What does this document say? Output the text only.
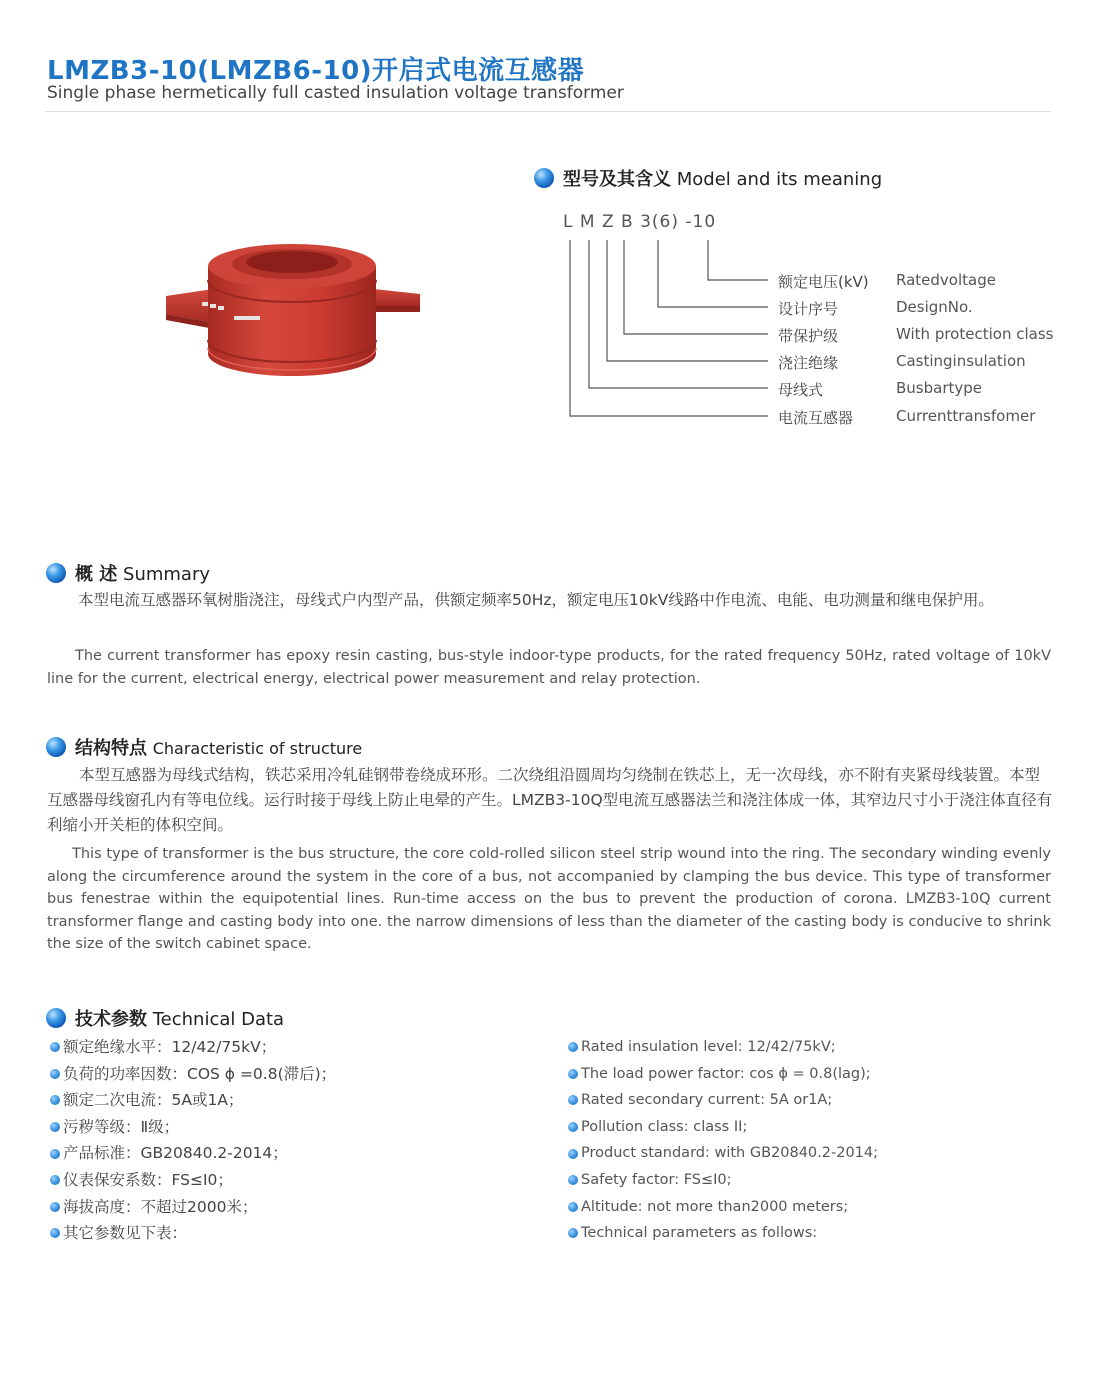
LMZB3-10(LMZB6-10)开启式电流互感器
Single phase hermetically full casted insulation voltage transformer
型号及其含义 Model and its meaning
L M Z B 3(6) -10
额定电压(kV) Ratedvoltage
设计序号	DesignNo.
带保护级	With protection class
浇注绝缘	Castinginsulation
母线式	Busbartype
电流互感器	Currenttransfomer
概 述 Summary
本型电流互感器环氧树脂浇注，母线式户内型产品，供额定频率50Hz，额定电压10kV线路中作电流、电能、电功测量和继电保护用。
The current transformer has epoxy resin casting, bus-style indoor-type products, for the rated frequency 50Hz, rated voltage of 10kV line for the current, electrical energy, electrical power measurement and relay protection.
结构特点 Characteristic of structure
本型互感器为母线式结构，铁芯采用冷轧硅钢带卷绕成环形。二次绕组沿圆周均匀绕制在铁芯上，无一次母线，亦不附有夹紧母线装置。本型互感器母线窗孔内有等电位线。运行时接于母线上防止电晕的产生。LMZB3-10Q型电流互感器法兰和浇注体成一体，其窄边尺寸小于浇注体直径有利缩小开关柜的体积空间。
This type of transformer is the bus structure, the core cold-rolled silicon steel strip wound into the ring. The secondary winding evenly along the circumference around the system in the core of a bus, not accompanied by clamping the bus device. This type of transformer bus fenestrae within the equipotential lines. Run-time access on the bus to prevent the production of corona. LMZB3-10Q current transformer flange and casting body into one. the narrow dimensions of less than the diameter of the casting body is conducive to shrink the size of the switch cabinet space.
技术参数 Technical Data
额定绝缘水平：12/42/75kV；
负荷的功率因数：COS ϕ =0.8(滞后)；
额定二次电流：5A或1A；
污秽等级：Ⅱ级；
产品标准：GB20840.2-2014；
仪表保安系数：FS≤I0；
海拔高度：不超过2000米；
其它参数见下表：
Rated insulation level: 12/42/75kV;
The load power factor: cos ϕ = 0.8(lag);
Rated secondary current: 5A or1A;
Pollution class: class II;
Product standard: with GB20840.2-2014;
Safety factor: FS≤I0;
Altitude: not more than2000 meters;
Technical parameters as follows:
